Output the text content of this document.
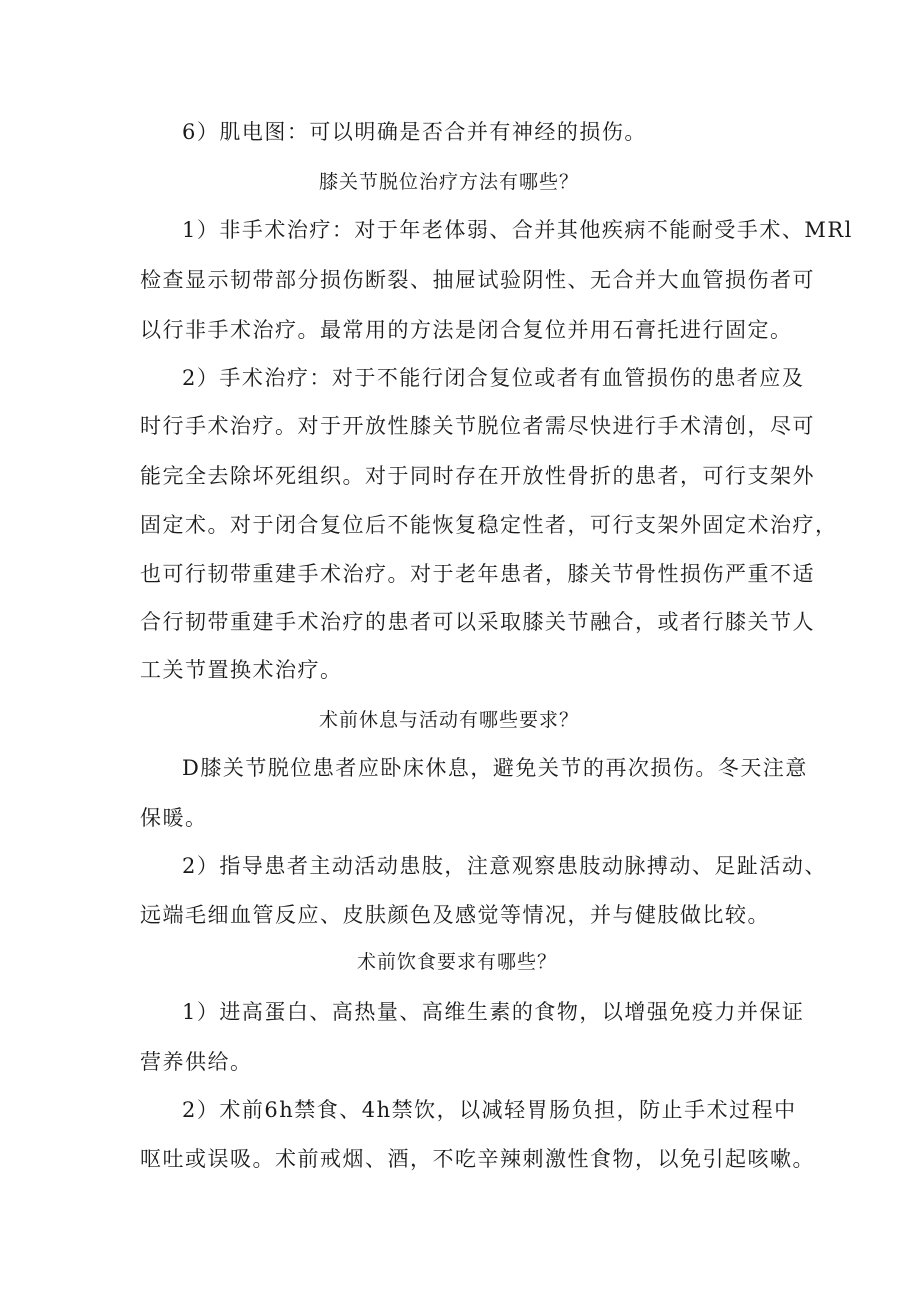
6）肌电图：可以明确是否合并有神经的损伤。
膝关节脱位治疗方法有哪些？
1）非手术治疗：对于年老体弱、合并其他疾病不能耐受手术、MRl
检查显示韧带部分损伤断裂、抽屉试验阴性、无合并大血管损伤者可
以行非手术治疗。最常用的方法是闭合复位并用石膏托进行固定。
2）手术治疗：对于不能行闭合复位或者有血管损伤的患者应及
时行手术治疗。对于开放性膝关节脱位者需尽快进行手术清创，尽可
能完全去除坏死组织。对于同时存在开放性骨折的患者，可行支架外
固定术。对于闭合复位后不能恢复稳定性者，可行支架外固定术治疗，
也可行韧带重建手术治疗。对于老年患者，膝关节骨性损伤严重不适
合行韧带重建手术治疗的患者可以采取膝关节融合，或者行膝关节人
工关节置换术治疗。
术前休息与活动有哪些要求？
D膝关节脱位患者应卧床休息，避免关节的再次损伤。冬天注意
保暖。
2）指导患者主动活动患肢，注意观察患肢动脉搏动、足趾活动、
远端毛细血管反应、皮肤颜色及感觉等情况，并与健肢做比较。
术前饮食要求有哪些？
1）进高蛋白、高热量、高维生素的食物，以增强免疫力并保证
营养供给。
2）术前6h禁食、4h禁饮，以减轻胃肠负担，防止手术过程中
呕吐或误吸。术前戒烟、酒，不吃辛辣刺激性食物，以免引起咳嗽。
